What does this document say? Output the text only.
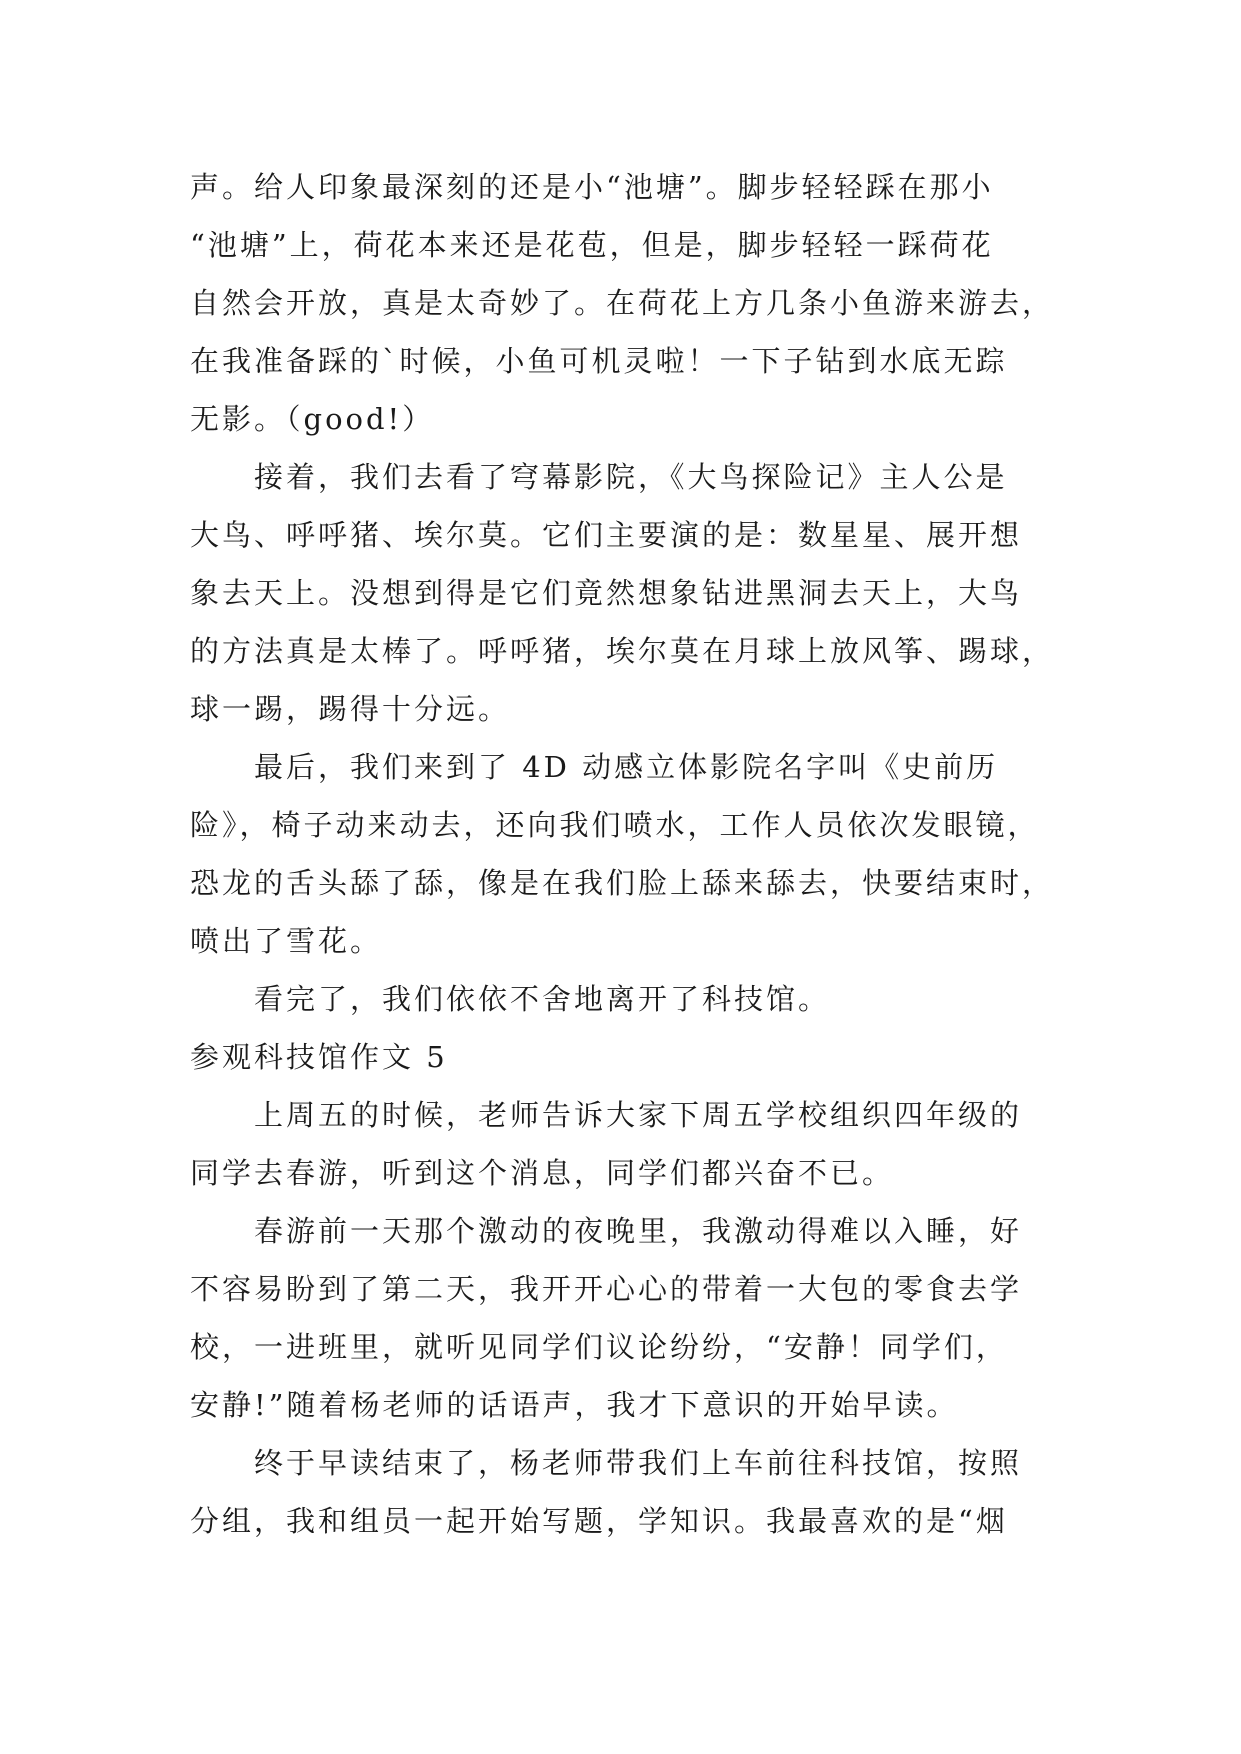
声。给人印象最深刻的还是小“池塘”。脚步轻轻踩在那小
“池塘”上，荷花本来还是花苞，但是，脚步轻轻一踩荷花
自然会开放，真是太奇妙了。在荷花上方几条小鱼游来游去，
在我准备踩的`时候，小鱼可机灵啦！一下子钻到水底无踪
无影。（good!）
接着，我们去看了穹幕影院，《大鸟探险记》主人公是
大鸟、呼呼猪、埃尔莫。它们主要演的是：数星星、展开想
象去天上。没想到得是它们竟然想象钻进黑洞去天上，大鸟
的方法真是太棒了。呼呼猪，埃尔莫在月球上放风筝、踢球，
球一踢，踢得十分远。
最后，我们来到了 4D 动感立体影院名字叫《史前历
险》，椅子动来动去，还向我们喷水，工作人员依次发眼镜，
恐龙的舌头舔了舔，像是在我们脸上舔来舔去，快要结束时，
喷出了雪花。
看完了，我们依依不舍地离开了科技馆。
参观科技馆作文 5
上周五的时候，老师告诉大家下周五学校组织四年级的
同学去春游，听到这个消息，同学们都兴奋不已。
春游前一天那个激动的夜晚里，我激动得难以入睡，好
不容易盼到了第二天，我开开心心的带着一大包的零食去学
校，一进班里，就听见同学们议论纷纷，“安静！同学们，
安静!”随着杨老师的话语声，我才下意识的开始早读。
终于早读结束了，杨老师带我们上车前往科技馆，按照
分组，我和组员一起开始写题，学知识。我最喜欢的是“烟
